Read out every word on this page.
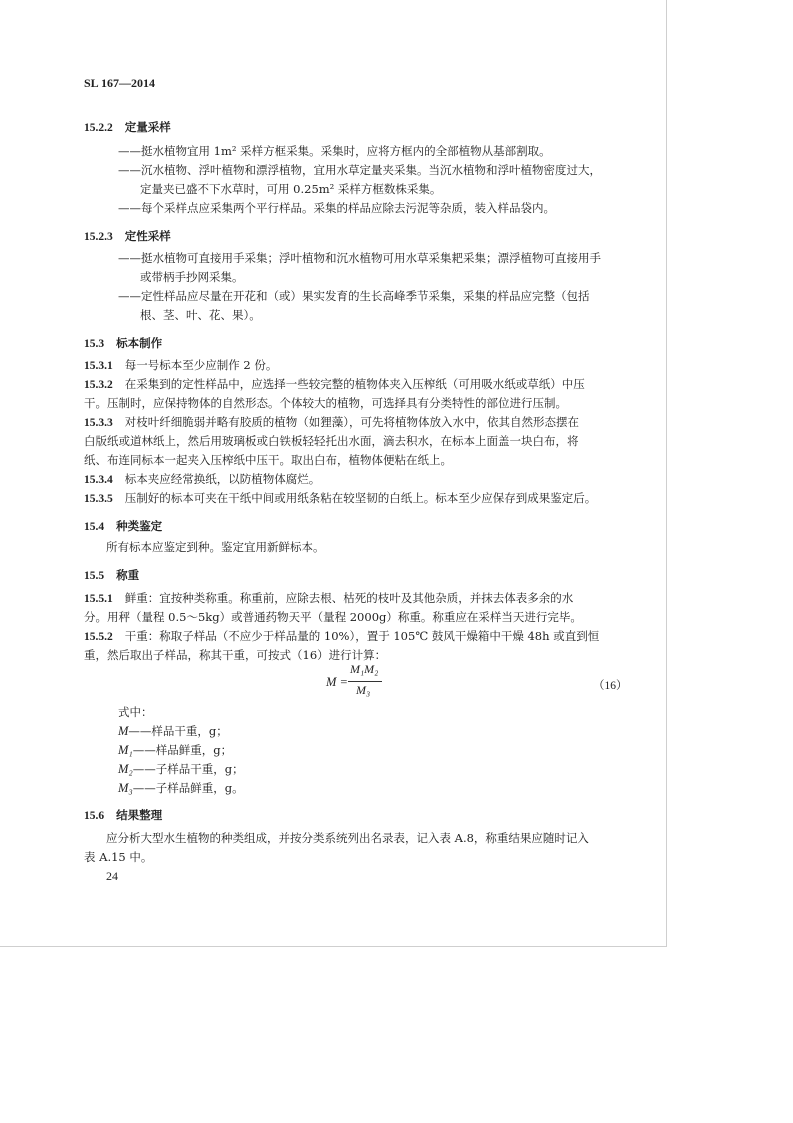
SL 167—2014
15.2.2 定量采样
——挺水植物宜用 1m² 采样方框采集。采集时，应将方框内的全部植物从基部割取。
——沉水植物、浮叶植物和漂浮植物，宜用水草定量夹采集。当沉水植物和浮叶植物密度过大，
定量夹已盛不下水草时，可用 0.25m² 采样方框数株采集。
——每个采样点应采集两个平行样品。采集的样品应除去污泥等杂质，装入样品袋内。
15.2.3 定性采样
——挺水植物可直接用手采集；浮叶植物和沉水植物可用水草采集耙采集；漂浮植物可直接用手
或带柄手抄网采集。
——定性样品应尽量在开花和（或）果实发育的生长高峰季节采集，采集的样品应完整（包括
根、茎、叶、花、果）。
15.3 标本制作
15.3.1 每一号标本至少应制作 2 份。
15.3.2 在采集到的定性样品中，应选择一些较完整的植物体夹入压榨纸（可用吸水纸或草纸）中压
干。压制时，应保持物体的自然形态。个体较大的植物，可选择具有分类特性的部位进行压制。
15.3.3 对枝叶纤细脆弱并略有胶质的植物（如狸藻），可先将植物体放入水中，依其自然形态摆在
白版纸或道林纸上，然后用玻璃板或白铁板轻轻托出水面，滴去积水，在标本上面盖一块白布，将
纸、布连同标本一起夹入压榨纸中压干。取出白布，植物体便粘在纸上。
15.3.4 标本夹应经常换纸，以防植物体腐烂。
15.3.5 压制好的标本可夹在干纸中间或用纸条粘在较坚韧的白纸上。标本至少应保存到成果鉴定后。
15.4 种类鉴定
所有标本应鉴定到种。鉴定宜用新鲜标本。
15.5 称重
15.5.1 鲜重：宜按种类称重。称重前，应除去根、枯死的枝叶及其他杂质，并抹去体表多余的水
分。用秤（量程 0.5～5kg）或普通药物天平（量程 2000g）称重。称重应在采样当天进行完毕。
15.5.2 干重：称取子样品（不应少于样品量的 10%），置于 105℃ 鼓风干燥箱中干燥 48h 或直到恒
重，然后取出子样品，称其干重，可按式（16）进行计算：
M =
M₁M₂
M₃	（16）
式中：
M——样品干重，g；
M₁——样品鲜重，g；
M₂——子样品干重，g；
M₃——子样品鲜重，g。
15.6 结果整理
应分析大型水生植物的种类组成，并按分类系统列出名录表，记入表 A.8，称重结果应随时记入
表 A.15 中。
24
